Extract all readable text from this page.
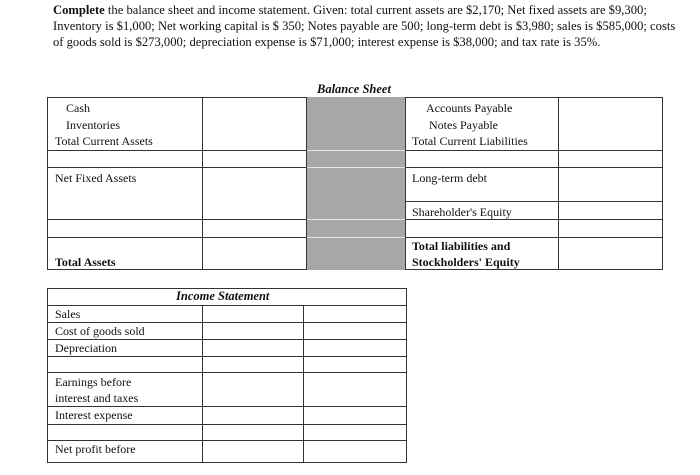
Complete the balance sheet and income statement. Given: total current assets are $2,170; Net fixed assets are $9,300; Inventory is $1,000; Net working capital is $ 350; Notes payable are 500; long-term debt is $3,980; sales is $585,000; costs of goods sold is $273,000; depreciation expense is $71,000; interest expense is $38,000; and tax rate is 35%.
Balance Sheet
Cash
Inventories
Total Current Assets
Net Fixed Assets
Total Assets
Accounts Payable
Notes Payable
Total Current Liabilities
Long-term debt
Shareholder's Equity
Total liabilities and
Stockholders' Equity
Income Statement
Sales
Cost of goods sold
Depreciation
Earnings before
interest and taxes
Interest expense
Net profit before
